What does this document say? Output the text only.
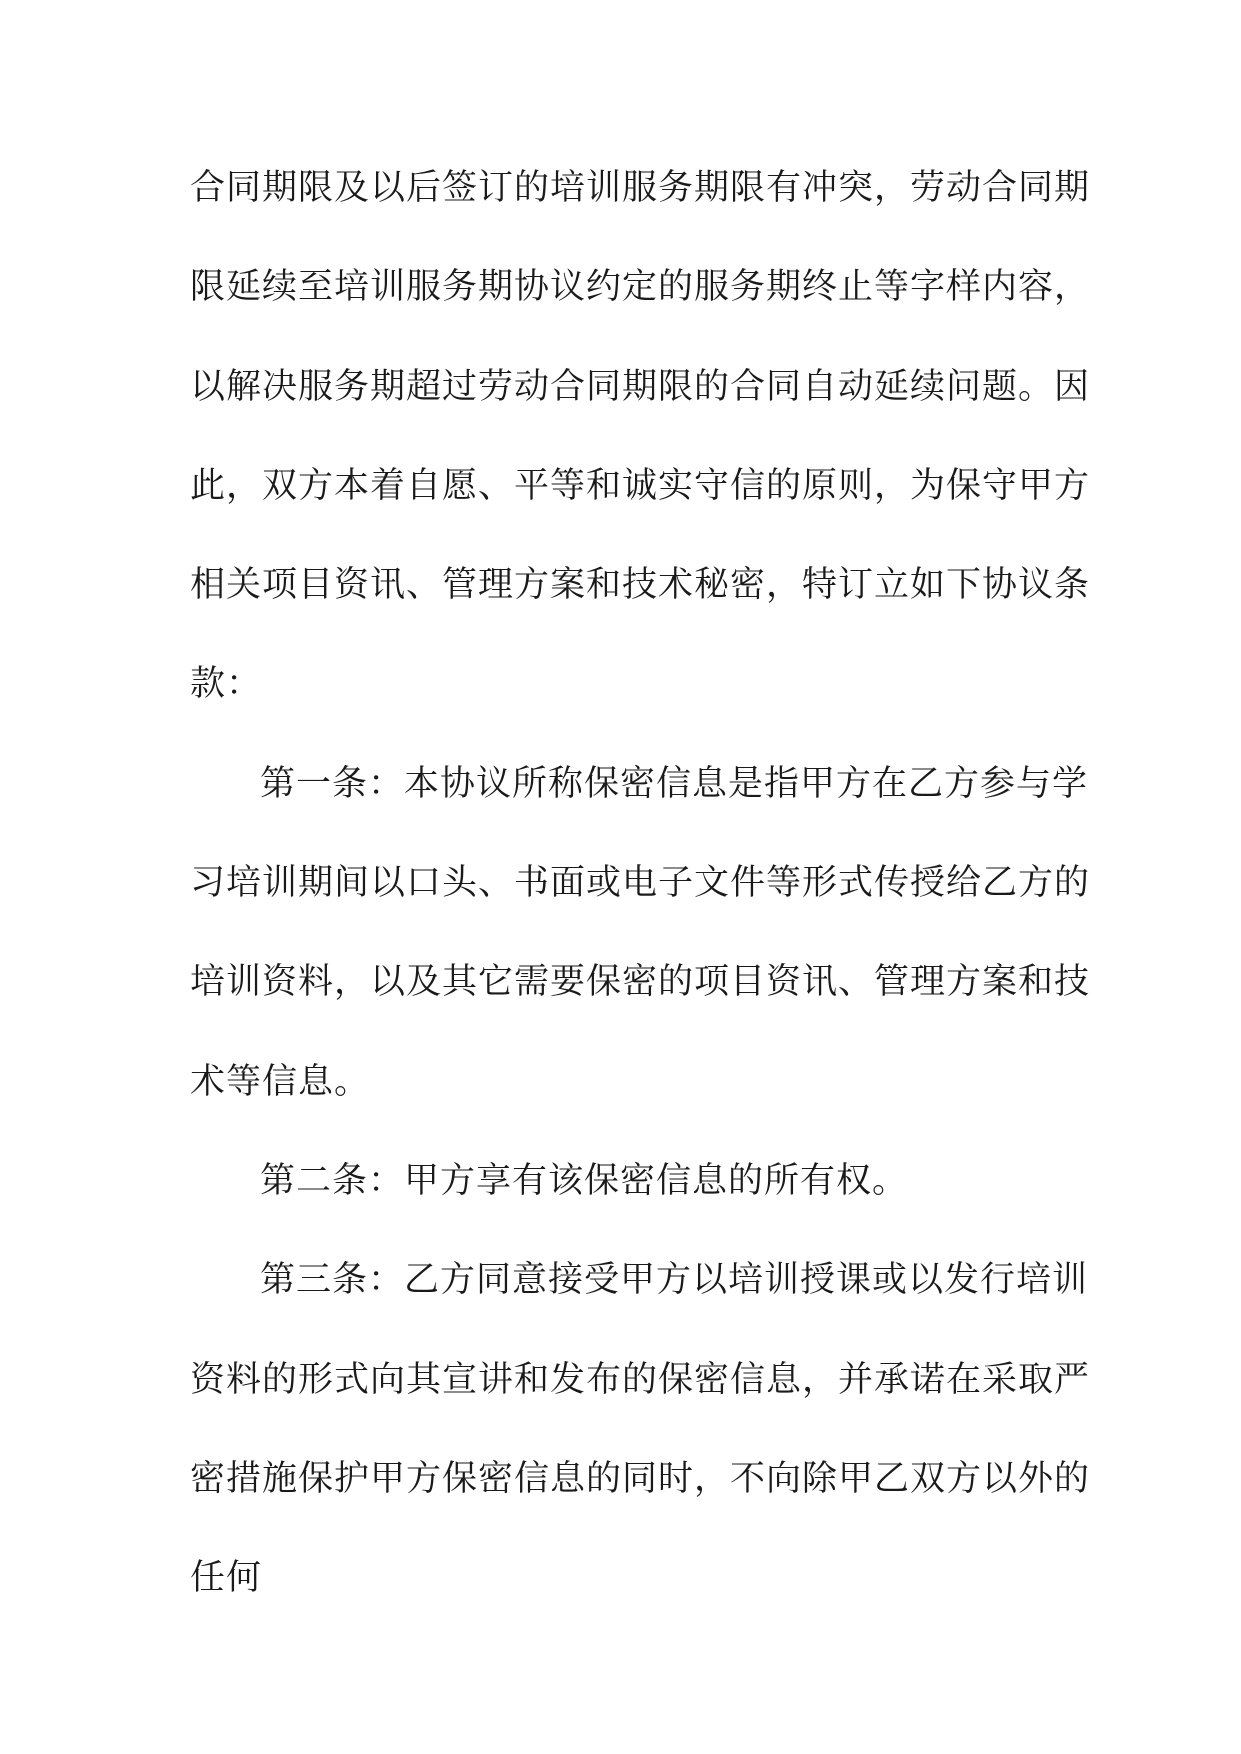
合同期限及以后签订的培训服务期限有冲突，劳动合同期
限延续至培训服务期协议约定的服务期终止等字样内容，
以解决服务期超过劳动合同期限的合同自动延续问题。因
此，双方本着自愿、平等和诚实守信的原则，为保守甲方
相关项目资讯、管理方案和技术秘密，特订立如下协议条
款：
第一条：本协议所称保密信息是指甲方在乙方参与学
习培训期间以口头、书面或电子文件等形式传授给乙方的
培训资料，以及其它需要保密的项目资讯、管理方案和技
术等信息。
第二条：甲方享有该保密信息的所有权。
第三条：乙方同意接受甲方以培训授课或以发行培训
资料的形式向其宣讲和发布的保密信息，并承诺在采取严
密措施保护甲方保密信息的同时，不向除甲乙双方以外的
任何
